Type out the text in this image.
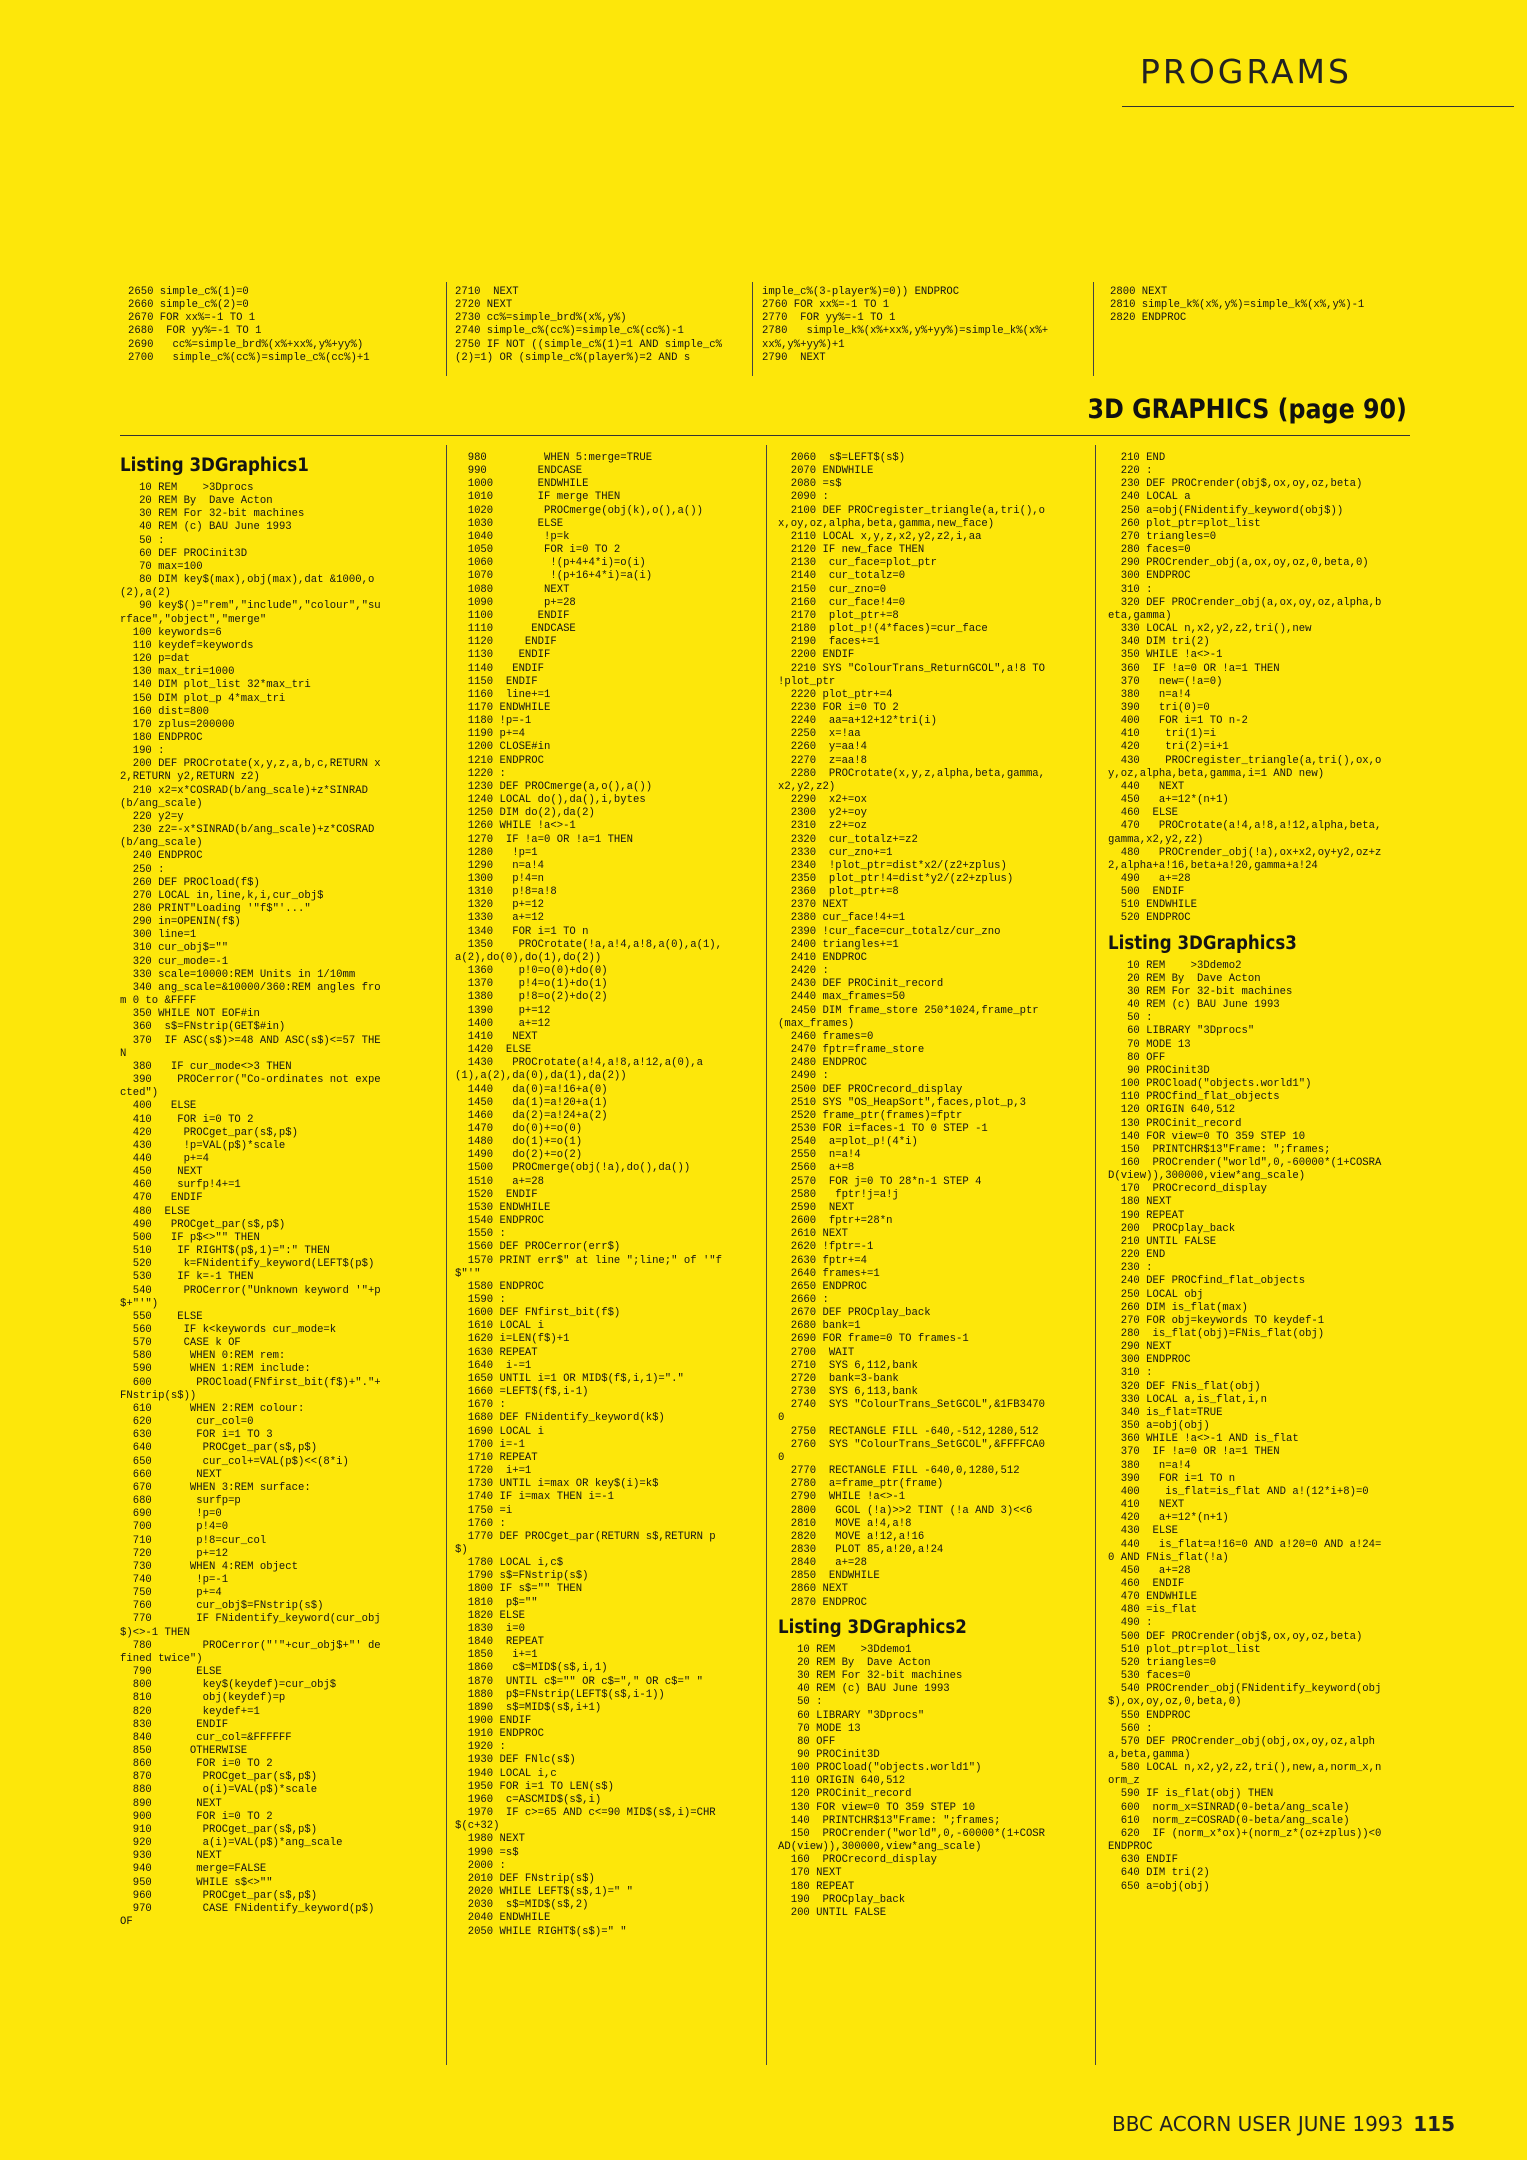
PROGRAMS
2650 simple_c%(1)=0
2660 simple_c%(2)=0
2670 FOR xx%=-1 TO 1
2680  FOR yy%=-1 TO 1
2690   cc%=simple_brd%(x%+xx%,y%+yy%)
2700   simple_c%(cc%)=simple_c%(cc%)+1
2710  NEXT
2720 NEXT
2730 cc%=simple_brd%(x%,y%)
2740 simple_c%(cc%)=simple_c%(cc%)-1
2750 IF NOT ((simple_c%(1)=1 AND simple_c%(2)=1) OR (simple_c%(player%)=2 AND s
imple_c%(3-player%)=0)) ENDPROC
2760 FOR xx%=-1 TO 1
2770  FOR yy%=-1 TO 1
2780   simple_k%(x%+xx%,y%+yy%)=simple_k%(x%+xx%,y%+yy%)+1
2790  NEXT
2800 NEXT
2810 simple_k%(x%,y%)=simple_k%(x%,y%)-1
2820 ENDPROC
3D GRAPHICS (page 90)
Listing 3DGraphics1
10 REM    >3Dprocs
20 REM By  Dave Acton
30 REM For 32-bit machines
40 REM (c) BAU June 1993
50 :
60 DEF PROCinit3D
70 max=100
80 DIM key$(max),obj(max),dat &1000,o(2),a(2)
90 key$()="rem","include","colour","surface","object","merge"
100 keywords=6
110 keydef=keywords
120 p=dat
130 max_tri=1000
140 DIM plot_list 32*max_tri
150 DIM plot_p 4*max_tri
160 dist=800
170 zplus=200000
180 ENDPROC
190 :
200 DEF PROCrotate(x,y,z,a,b,c,RETURN x2,RETURN y2,RETURN z2)
210 x2=x*COSRAD(b/ang_scale)+z*SINRAD(b/ang_scale)
220 y2=y
230 z2=-x*SINRAD(b/ang_scale)+z*COSRAD(b/ang_scale)
240 ENDPROC
250 :
260 DEF PROCload(f$)
270 LOCAL in,line,k,i,cur_obj$
280 PRINT"Loading '"f$"'..."
290 in=OPENIN(f$)
300 line=1
310 cur_obj$=""
320 cur_mode=-1
330 scale=10000:REM Units in 1/10mm
340 ang_scale=&10000/360:REM angles from 0 to &FFFF
350 WHILE NOT EOF#in
360  s$=FNstrip(GET$#in)
370  IF ASC(s$)>=48 AND ASC(s$)<=57 THEN
380   IF cur_mode<>3 THEN
390    PROCerror("Co-ordinates not expected")
400   ELSE
410    FOR i=0 TO 2
420     PROCget_par(s$,p$)
430     !p=VAL(p$)*scale
440     p+=4
450    NEXT
460    surfp!4+=1
470   ENDIF
480  ELSE
490   PROCget_par(s$,p$)
500   IF p$<>"" THEN
510    IF RIGHT$(p$,1)=":" THEN
520     k=FNidentify_keyword(LEFT$(p$)
530    IF k=-1 THEN
540     PROCerror("Unknown keyword '"+p$+"'")
550    ELSE
560     IF k<keywords cur_mode=k
570     CASE k OF
580      WHEN 0:REM rem:
590      WHEN 1:REM include:
600       PROCload(FNfirst_bit(f$)+"."+FNstrip(s$))
610      WHEN 2:REM colour:
620       cur_col=0
630       FOR i=1 TO 3
640        PROCget_par(s$,p$)
650        cur_col+=VAL(p$)<<(8*i)
660       NEXT
670      WHEN 3:REM surface:
680       surfp=p
690       !p=0
700       p!4=0
710       p!8=cur_col
720       p+=12
730      WHEN 4:REM object
740       !p=-1
750       p+=4
760       cur_obj$=FNstrip(s$)
770       IF FNidentify_keyword(cur_obj$)<>-1 THEN
780        PROCerror("'"+cur_obj$+"' defined twice")
790       ELSE
800        key$(keydef)=cur_obj$
810        obj(keydef)=p
820        keydef+=1
830       ENDIF
840       cur_col=&FFFFFF
850      OTHERWISE
860       FOR i=0 TO 2
870        PROCget_par(s$,p$)
880        o(i)=VAL(p$)*scale
890       NEXT
900       FOR i=0 TO 2
910        PROCget_par(s$,p$)
920        a(i)=VAL(p$)*ang_scale
930       NEXT
940       merge=FALSE
950       WHILE s$<>""
960        PROCget_par(s$,p$)
970        CASE FNidentify_keyword(p$) OF
980         WHEN 5:merge=TRUE
990        ENDCASE
1000       ENDWHILE
1010       IF merge THEN
1020        PROCmerge(obj(k),o(),a())
1030       ELSE
1040        !p=k
1050        FOR i=0 TO 2
1060         !(p+4+4*i)=o(i)
1070         !(p+16+4*i)=a(i)
1080        NEXT
1090        p+=28
1100       ENDIF
1110      ENDCASE
1120     ENDIF
1130    ENDIF
1140   ENDIF
1150  ENDIF
1160  line+=1
1170 ENDWHILE
1180 !p=-1
1190 p+=4
1200 CLOSE#in
1210 ENDPROC
1220 :
1230 DEF PROCmerge(a,o(),a())
1240 LOCAL do(),da(),i,bytes
1250 DIM do(2),da(2)
1260 WHILE !a<>-1
1270  IF !a=0 OR !a=1 THEN
1280   !p=1
1290   n=a!4
1300   p!4=n
1310   p!8=a!8
1320   p+=12
1330   a+=12
1340   FOR i=1 TO n
1350    PROCrotate(!a,a!4,a!8,a(0),a(1),a(2),do(0),do(1),do(2))
1360    p!0=o(0)+do(0)
1370    p!4=o(1)+do(1)
1380    p!8=o(2)+do(2)
1390    p+=12
1400    a+=12
1410   NEXT
1420  ELSE
1430   PROCrotate(a!4,a!8,a!12,a(0),a(1),a(2),da(0),da(1),da(2))
1440   da(0)=a!16+a(0)
1450   da(1)=a!20+a(1)
1460   da(2)=a!24+a(2)
1470   do(0)+=o(0)
1480   do(1)+=o(1)
1490   do(2)+=o(2)
1500   PROCmerge(obj(!a),do(),da())
1510   a+=28
1520  ENDIF
1530 ENDWHILE
1540 ENDPROC
1550 :
1560 DEF PROCerror(err$)
1570 PRINT err$" at line ";line;" of '"f$"'"
1580 ENDPROC
1590 :
1600 DEF FNfirst_bit(f$)
1610 LOCAL i
1620 i=LEN(f$)+1
1630 REPEAT
1640  i-=1
1650 UNTIL i=1 OR MID$(f$,i,1)="."
1660 =LEFT$(f$,i-1)
1670 :
1680 DEF FNidentify_keyword(k$)
1690 LOCAL i
1700 i=-1
1710 REPEAT
1720  i+=1
1730 UNTIL i=max OR key$(i)=k$
1740 IF i=max THEN i=-1
1750 =i
1760 :
1770 DEF PROCget_par(RETURN s$,RETURN p$)
1780 LOCAL i,c$
1790 s$=FNstrip(s$)
1800 IF s$="" THEN
1810  p$=""
1820 ELSE
1830  i=0
1840  REPEAT
1850   i+=1
1860   c$=MID$(s$,i,1)
1870  UNTIL c$="" OR c$="," OR c$=" "
1880  p$=FNstrip(LEFT$(s$,i-1))
1890  s$=MID$(s$,i+1)
1900 ENDIF
1910 ENDPROC
1920 :
1930 DEF FNlc(s$)
1940 LOCAL i,c
1950 FOR i=1 TO LEN(s$)
1960  c=ASCMID$(s$,i)
1970  IF c>=65 AND c<=90 MID$(s$,i)=CHR$(c+32)
1980 NEXT
1990 =s$
2000 :
2010 DEF FNstrip(s$)
2020 WHILE LEFT$(s$,1)=" "
2030  s$=MID$(s$,2)
2040 ENDWHILE
2050 WHILE RIGHT$(s$)=" "
2060  s$=LEFT$(s$)
2070 ENDWHILE
2080 =s$
2090 :
2100 DEF PROCregister_triangle(a,tri(),ox,oy,oz,alpha,beta,gamma,new_face)
2110 LOCAL x,y,z,x2,y2,z2,i,aa
2120 IF new_face THEN
2130  cur_face=plot_ptr
2140  cur_totalz=0
2150  cur_zno=0
2160  cur_face!4=0
2170  plot_ptr+=8
2180  plot_p!(4*faces)=cur_face
2190  faces+=1
2200 ENDIF
2210 SYS "ColourTrans_ReturnGCOL",a!8 TO !plot_ptr
2220 plot_ptr+=4
2230 FOR i=0 TO 2
2240  aa=a+12+12*tri(i)
2250  x=!aa
2260  y=aa!4
2270  z=aa!8
2280  PROCrotate(x,y,z,alpha,beta,gamma,x2,y2,z2)
2290  x2+=ox
2300  y2+=oy
2310  z2+=oz
2320  cur_totalz+=z2
2330  cur_zno+=1
2340  !plot_ptr=dist*x2/(z2+zplus)
2350  plot_ptr!4=dist*y2/(z2+zplus)
2360  plot_ptr+=8
2370 NEXT
2380 cur_face!4+=1
2390 !cur_face=cur_totalz/cur_zno
2400 triangles+=1
2410 ENDPROC
2420 :
2430 DEF PROCinit_record
2440 max_frames=50
2450 DIM frame_store 250*1024,frame_ptr(max_frames)
2460 frames=0
2470 fptr=frame_store
2480 ENDPROC
2490 :
2500 DEF PROCrecord_display
2510 SYS "OS_HeapSort",faces,plot_p,3
2520 frame_ptr(frames)=fptr
2530 FOR i=faces-1 TO 0 STEP -1
2540  a=plot_p!(4*i)
2550  n=a!4
2560  a+=8
2570  FOR j=0 TO 28*n-1 STEP 4
2580   fptr!j=a!j
2590  NEXT
2600  fptr+=28*n
2610 NEXT
2620 !fptr=-1
2630 fptr+=4
2640 frames+=1
2650 ENDPROC
2660 :
2670 DEF PROCplay_back
2680 bank=1
2690 FOR frame=0 TO frames-1
2700  WAIT
2710  SYS 6,112,bank
2720  bank=3-bank
2730  SYS 6,113,bank
2740  SYS "ColourTrans_SetGCOL",&1FB34700
2750  RECTANGLE FILL -640,-512,1280,512
2760  SYS "ColourTrans_SetGCOL",&FFFFCA00
2770  RECTANGLE FILL -640,0,1280,512
2780  a=frame_ptr(frame)
2790  WHILE !a<>-1
2800   GCOL (!a)>>2 TINT (!a AND 3)<<6
2810   MOVE a!4,a!8
2820   MOVE a!12,a!16
2830   PLOT 85,a!20,a!24
2840   a+=28
2850  ENDWHILE
2860 NEXT
2870 ENDPROC
Listing 3DGraphics2
10 REM    >3Ddemo1
20 REM By  Dave Acton
30 REM For 32-bit machines
40 REM (c) BAU June 1993
50 :
60 LIBRARY "3Dprocs"
70 MODE 13
80 OFF
90 PROCinit3D
100 PROCload("objects.world1")
110 ORIGIN 640,512
120 PROCinit_record
130 FOR view=0 TO 359 STEP 10
140  PRINTCHR$13"Frame: ";frames;
150  PROCrender("world",0,-60000*(1+COSRAD(view)),300000,view*ang_scale)
160  PROCrecord_display
170 NEXT
180 REPEAT
190  PROCplay_back
200 UNTIL FALSE
210 END
220 :
230 DEF PROCrender(obj$,ox,oy,oz,beta)
240 LOCAL a
250 a=obj(FNidentify_keyword(obj$))
260 plot_ptr=plot_list
270 triangles=0
280 faces=0
290 PROCrender_obj(a,ox,oy,oz,0,beta,0)
300 ENDPROC
310 :
320 DEF PROCrender_obj(a,ox,oy,oz,alpha,beta,gamma)
330 LOCAL n,x2,y2,z2,tri(),new
340 DIM tri(2)
350 WHILE !a<>-1
360  IF !a=0 OR !a=1 THEN
370   new=(!a=0)
380   n=a!4
390   tri(0)=0
400   FOR i=1 TO n-2
410    tri(1)=i
420    tri(2)=i+1
430    PROCregister_triangle(a,tri(),ox,oy,oz,alpha,beta,gamma,i=1 AND new)
440   NEXT
450   a+=12*(n+1)
460  ELSE
470   PROCrotate(a!4,a!8,a!12,alpha,beta,gamma,x2,y2,z2)
480   PROCrender_obj(!a),ox+x2,oy+y2,oz+z2,alpha+a!16,beta+a!20,gamma+a!24
490   a+=28
500  ENDIF
510 ENDWHILE
520 ENDPROC
Listing 3DGraphics3
10 REM    >3Ddemo2
20 REM By  Dave Acton
30 REM For 32-bit machines
40 REM (c) BAU June 1993
50 :
60 LIBRARY "3Dprocs"
70 MODE 13
80 OFF
90 PROCinit3D
100 PROCload("objects.world1")
110 PROCfind_flat_objects
120 ORIGIN 640,512
130 PROCinit_record
140 FOR view=0 TO 359 STEP 10
150  PRINTCHR$13"Frame: ";frames;
160  PROCrender("world",0,-60000*(1+COSRAD(view)),300000,view*ang_scale)
170  PROCrecord_display
180 NEXT
190 REPEAT
200  PROCplay_back
210 UNTIL FALSE
220 END
230 :
240 DEF PROCfind_flat_objects
250 LOCAL obj
260 DIM is_flat(max)
270 FOR obj=keywords TO keydef-1
280  is_flat(obj)=FNis_flat(obj)
290 NEXT
300 ENDPROC
310 :
320 DEF FNis_flat(obj)
330 LOCAL a,is_flat,i,n
340 is_flat=TRUE
350 a=obj(obj)
360 WHILE !a<>-1 AND is_flat
370  IF !a=0 OR !a=1 THEN
380   n=a!4
390   FOR i=1 TO n
400    is_flat=is_flat AND a!(12*i+8)=0
410   NEXT
420   a+=12*(n+1)
430  ELSE
440   is_flat=a!16=0 AND a!20=0 AND a!24=0 AND FNis_flat(!a)
450   a+=28
460  ENDIF
470 ENDWHILE
480 =is_flat
490 :
500 DEF PROCrender(obj$,ox,oy,oz,beta)
510 plot_ptr=plot_list
520 triangles=0
530 faces=0
540 PROCrender_obj(FNidentify_keyword(obj$),ox,oy,oz,0,beta,0)
550 ENDPROC
560 :
570 DEF PROCrender_obj(obj,ox,oy,oz,alpha,beta,gamma)
580 LOCAL n,x2,y2,z2,tri(),new,a,norm_x,norm_z
590 IF is_flat(obj) THEN
600  norm_x=SINRAD(0-beta/ang_scale)
610  norm_z=COSRAD(0-beta/ang_scale)
620  IF (norm_x*ox)+(norm_z*(oz+zplus))<0 ENDPROC
630 ENDIF
640 DIM tri(2)
650 a=obj(obj)
BBC ACORN USER JUNE 1993 115
